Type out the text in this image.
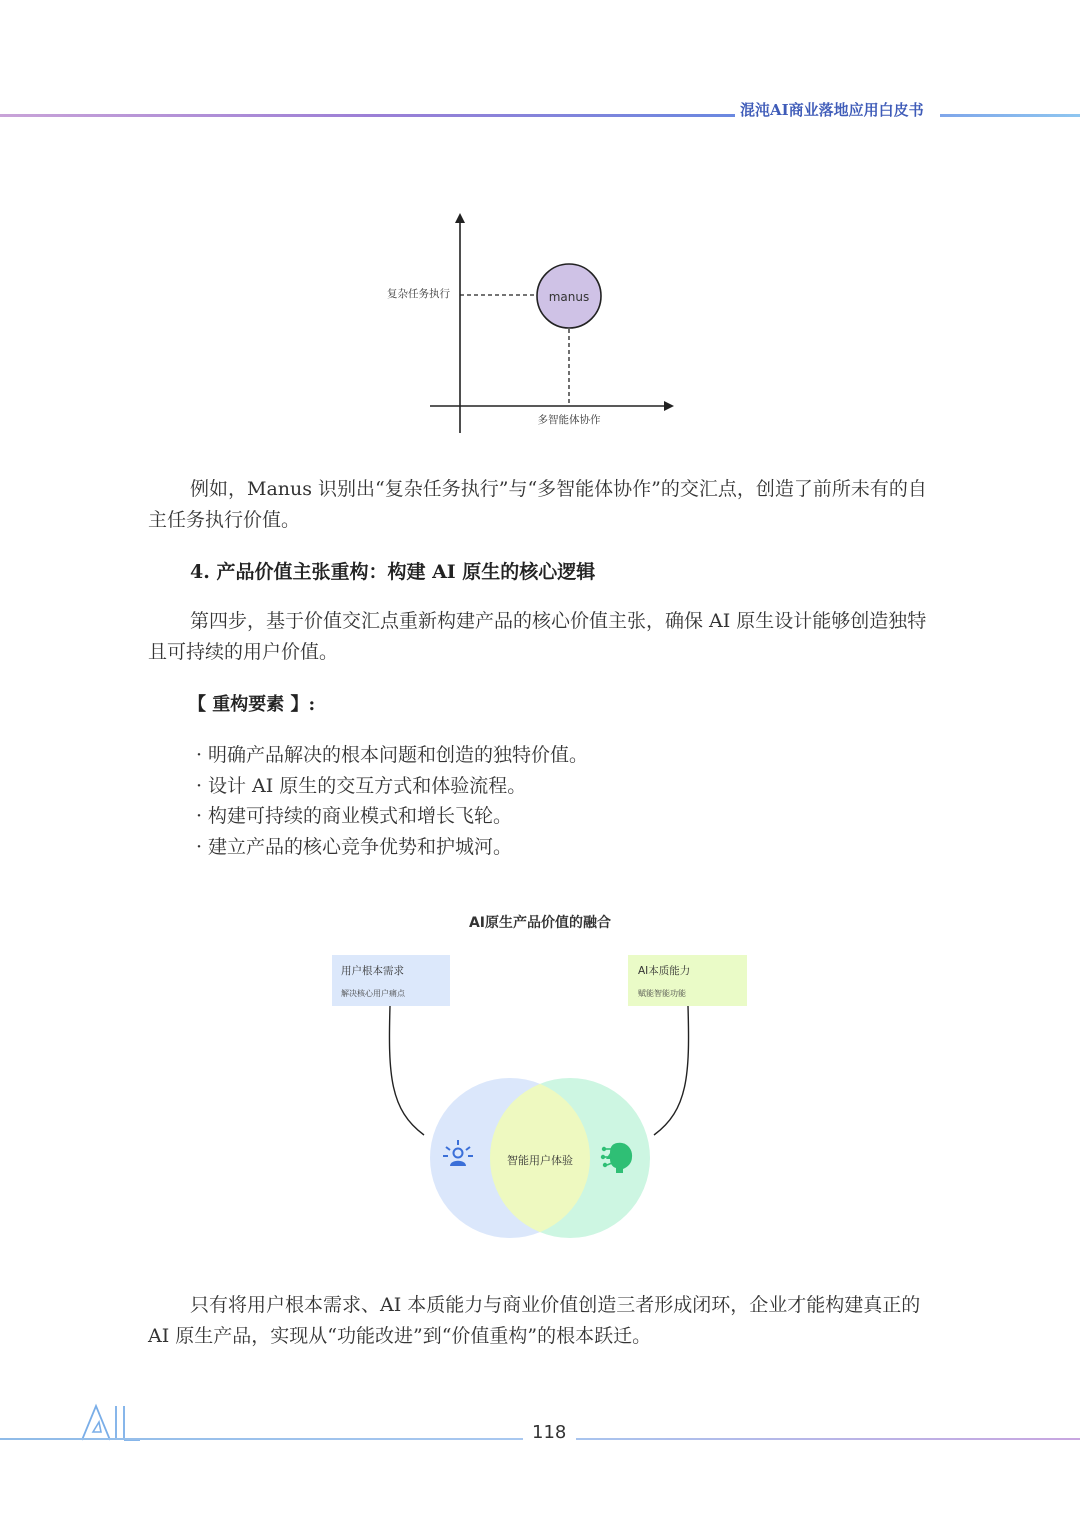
混沌AI商业落地应用白皮书
manus
复杂任务执行
多智能体协作

例如，Manus 识别出“复杂任务执行”与“多智能体协作”的交汇点，创造了前所未有的自主任务执行价值。

4. 产品价值主张重构：构建 AI 原生的核心逻辑

第四步，基于价值交汇点重新构建产品的核心价值主张，确保 AI 原生设计能够创造独特且可持续的用户价值。

【 重构要素 】:
· 明确产品解决的根本问题和创造的独特价值。
· 设计 AI 原生的交互方式和体验流程。
· 构建可持续的商业模式和增长飞轮。
· 建立产品的核心竞争优势和护城河。
AI原生产品价值的融合
用户根本需求
解决核心用户痛点
AI本质能力
赋能智能功能
智能用户体验

只有将用户根本需求、AI 本质能力与商业价值创造三者形成闭环，企业才能构建真正的 AI 原生产品，实现从“功能改进”到“价值重构”的根本跃迁。

118
